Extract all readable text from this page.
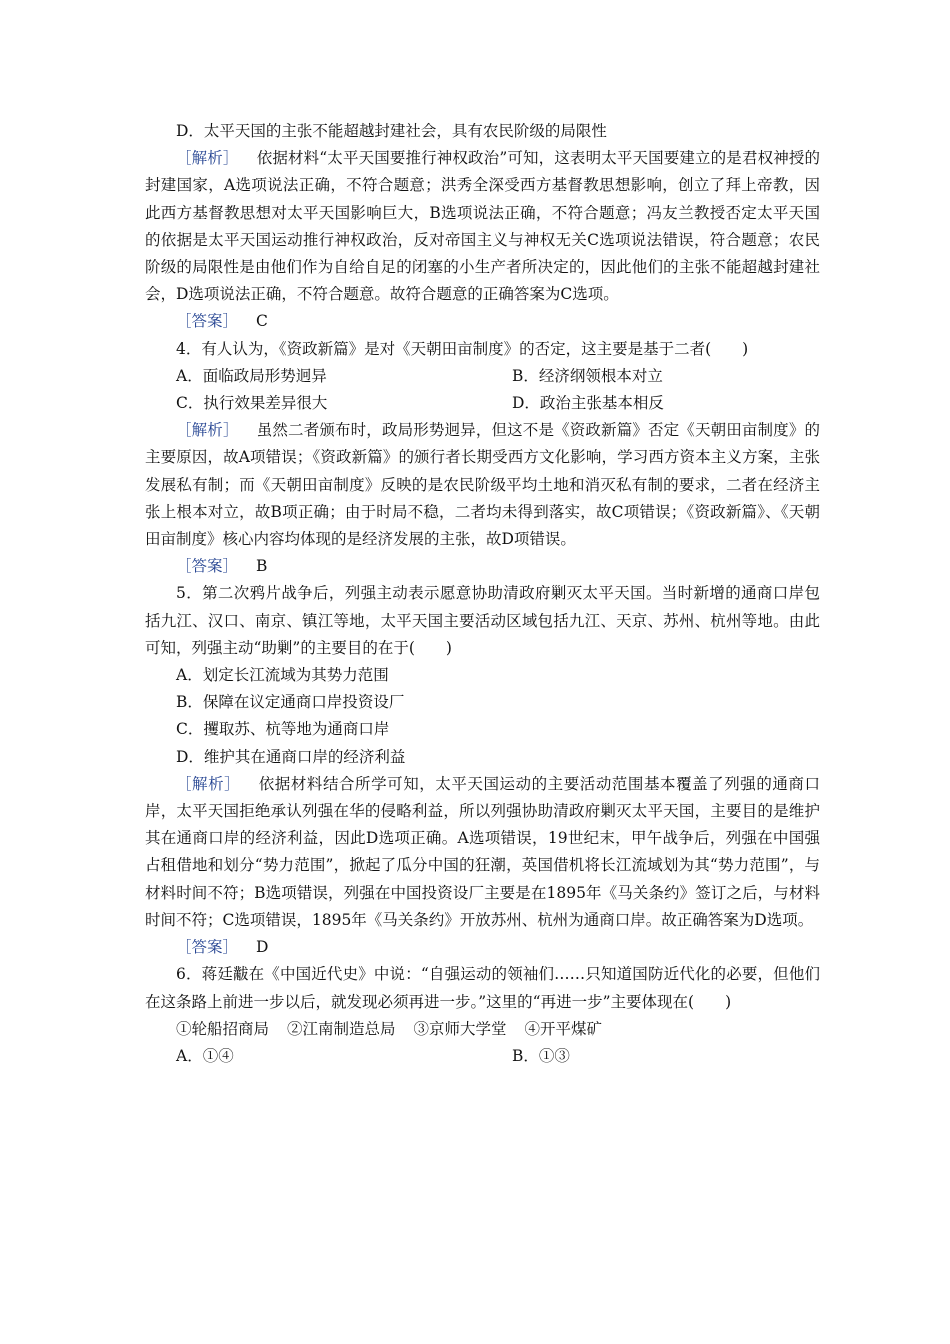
D．太平天国的主张不能超越封建社会，具有农民阶级的局限性

［解析］ 依据材料“太平天国要推行神权政治”可知，这表明太平天国要建立的是君权神授的封建国家，A选项说法正确，不符合题意；洪秀全深受西方基督教思想影响，创立了拜上帝教，因此西方基督教思想对太平天国影响巨大，B选项说法正确，不符合题意；冯友兰教授否定太平天国的依据是太平天国运动推行神权政治，反对帝国主义与神权无关C选项说法错误，符合题意；农民阶级的局限性是由他们作为自给自足的闭塞的小生产者所决定的，因此他们的主张不能超越封建社会，D选项说法正确，不符合题意。故符合题意的正确答案为C选项。

［答案］ C

4．有人认为，《资政新篇》是对《天朝田亩制度》的否定，这主要是基于二者(　　)

A．面临政局形势迥异	B．经济纲领根本对立
C．执行效果差异很大	D．政治主张基本相反

［解析］ 虽然二者颁布时，政局形势迥异，但这不是《资政新篇》否定《天朝田亩制度》的主要原因，故A项错误；《资政新篇》的颁行者长期受西方文化影响，学习西方资本主义方案，主张发展私有制；而《天朝田亩制度》反映的是农民阶级平均土地和消灭私有制的要求，二者在经济主张上根本对立，故B项正确；由于时局不稳，二者均未得到落实，故C项错误；《资政新篇》、《天朝田亩制度》核心内容均体现的是经济发展的主张，故D项错误。

［答案］ B

5．第二次鸦片战争后，列强主动表示愿意协助清政府剿灭太平天国。当时新增的通商口岸包括九江、汉口、南京、镇江等地，太平天国主要活动区域包括九江、天京、苏州、杭州等地。由此可知，列强主动“助剿”的主要目的在于(　　)

A．划定长江流域为其势力范围

B．保障在议定通商口岸投资设厂

C．攫取苏、杭等地为通商口岸

D．维护其在通商口岸的经济利益

［解析］ 依据材料结合所学可知，太平天国运动的主要活动范围基本覆盖了列强的通商口岸，太平天国拒绝承认列强在华的侵略利益，所以列强协助清政府剿灭太平天国，主要目的是维护其在通商口岸的经济利益，因此D选项正确。A选项错误，19世纪末，甲午战争后，列强在中国强占租借地和划分“势力范围”，掀起了瓜分中国的狂潮，英国借机将长江流域划为其“势力范围”，与材料时间不符；B选项错误，列强在中国投资设厂主要是在1895年《马关条约》签订之后，与材料时间不符；C选项错误，1895年《马关条约》开放苏州、杭州为通商口岸。故正确答案为D选项。

［答案］ D

6．蒋廷黻在《中国近代史》中说：“自强运动的领袖们……只知道国防近代化的必要，但他们在这条路上前进一步以后，就发现必须再进一步。”这里的“再进一步”主要体现在(　　)

①轮船招商局 ②江南制造总局 ③京师大学堂 ④开平煤矿

A．①④	B．①③
